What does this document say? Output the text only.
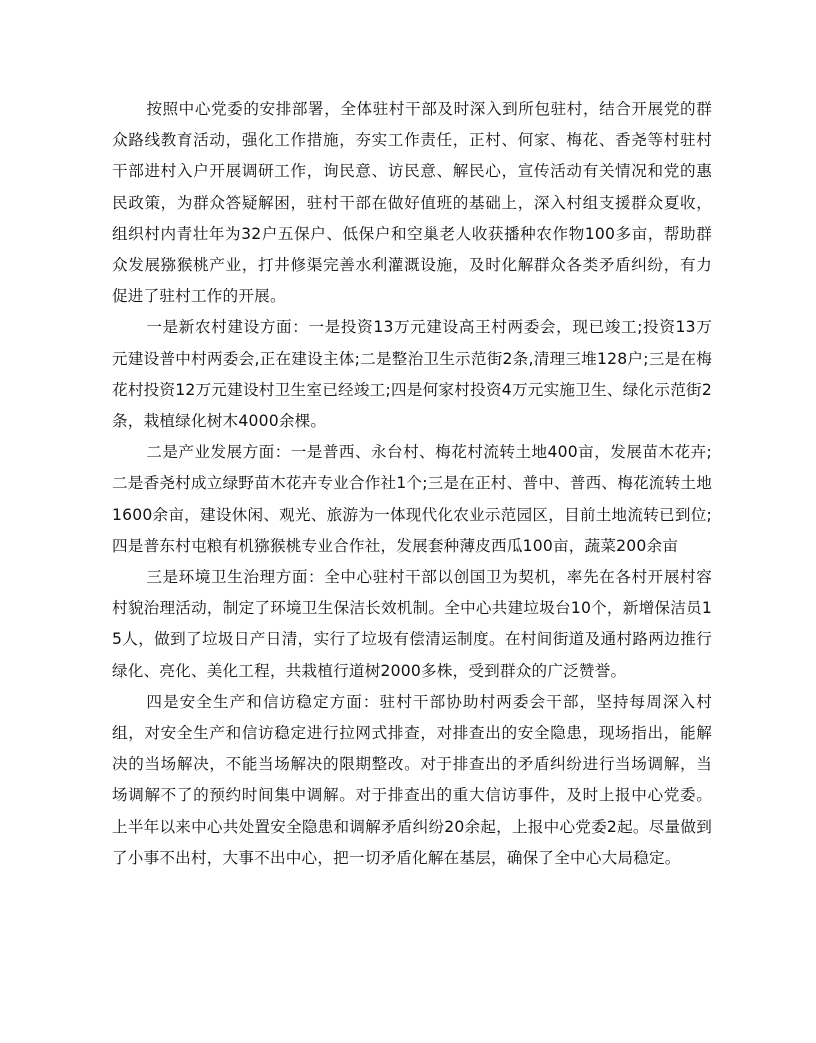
按照中心党委的安排部署，全体驻村干部及时深入到所包驻村，结合开展党的群众路线教育活动，强化工作措施，夯实工作责任，正村、何家、梅花、香尧等村驻村干部进村入户开展调研工作，询民意、访民意、解民心，宣传活动有关情况和党的惠民政策，为群众答疑解困，驻村干部在做好值班的基础上，深入村组支援群众夏收，组织村内青壮年为32户五保户、低保户和空巢老人收获播种农作物100多亩，帮助群众发展猕猴桃产业，打井修渠完善水利灌溉设施，及时化解群众各类矛盾纠纷，有力促进了驻村工作的开展。

一是新农村建设方面：一是投资13万元建设高王村两委会，现已竣工;投资13万元建设普中村两委会,正在建设主体;二是整治卫生示范街2条,清理三堆128户;三是在梅花村投资12万元建设村卫生室已经竣工;四是何家村投资4万元实施卫生、绿化示范街2条，栽植绿化树木4000余棵。

二是产业发展方面：一是普西、永台村、梅花村流转土地400亩，发展苗木花卉;二是香尧村成立绿野苗木花卉专业合作社1个;三是在正村、普中、普西、梅花流转土地1600余亩，建设休闲、观光、旅游为一体现代化农业示范园区，目前土地流转已到位;四是普东村屯粮有机猕猴桃专业合作社，发展套种薄皮西瓜100亩，蔬菜200余亩

三是环境卫生治理方面：全中心驻村干部以创国卫为契机，率先在各村开展村容村貌治理活动，制定了环境卫生保洁长效机制。全中心共建垃圾台10个，新增保洁员15人，做到了垃圾日产日清，实行了垃圾有偿清运制度。在村间街道及通村路两边推行绿化、亮化、美化工程，共栽植行道树2000多株，受到群众的广泛赞誉。

四是安全生产和信访稳定方面：驻村干部协助村两委会干部，坚持每周深入村组，对安全生产和信访稳定进行拉网式排查，对排查出的安全隐患，现场指出，能解决的当场解决，不能当场解决的限期整改。对于排查出的矛盾纠纷进行当场调解，当场调解不了的预约时间集中调解。对于排查出的重大信访事件，及时上报中心党委。上半年以来中心共处置安全隐患和调解矛盾纠纷20余起，上报中心党委2起。尽量做到了小事不出村，大事不出中心，把一切矛盾化解在基层，确保了全中心大局稳定。
